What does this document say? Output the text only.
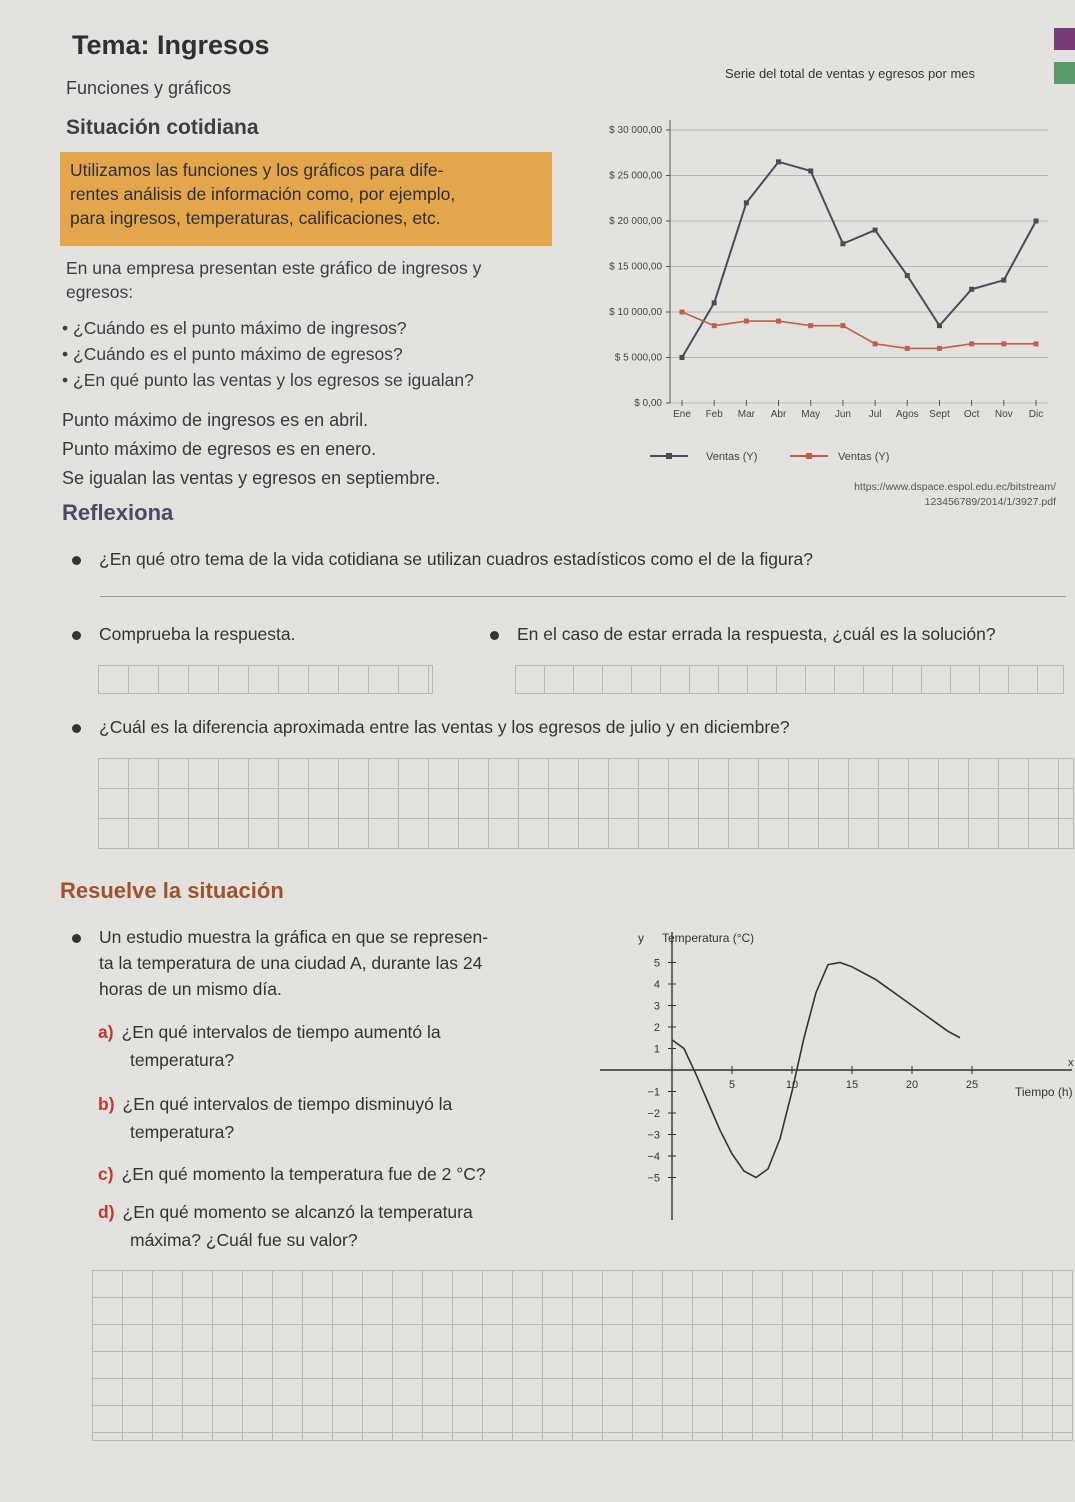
Tema: Ingresos
Funciones y gráficos
Situación cotidiana
Utilizamos las funciones y los gráficos para dife-
rentes análisis de información como, por ejemplo,
para ingresos, temperaturas, calificaciones, etc.
En una empresa presentan este gráfico de ingresos y
egresos:
• ¿Cuándo es el punto máximo de ingresos?
• ¿Cuándo es el punto máximo de egresos?
• ¿En qué punto las ventas y los egresos se igualan?
Punto máximo de ingresos es en abril.
Punto máximo de egresos es en enero.
Se igualan las ventas y egresos en septiembre.
Reflexiona
Serie del total de ventas y egresos por mes
$ 0,00
$ 5 000,00
$ 10 000,00
$ 15 000,00
$ 20 000,00
$ 25 000,00
$ 30 000,00
Ene Feb Mar Abr May Jun Jul Agos Sept Oct Nov Dic
Ventas (Y)	Ventas (Y)
https://www.dspace.espol.edu.ec/bitstream/
123456789/2014/1/3927.pdf
¿En qué otro tema de la vida cotidiana se utilizan cuadros estadísticos como el de la figura?
Comprueba la respuesta.	En el caso de estar errada la respuesta, ¿cuál es la solución?
¿Cuál es la diferencia aproximada entre las ventas y los egresos de julio y en diciembre?
Resuelve la situación
Un estudio muestra la gráfica en que se represen-
ta la temperatura de una ciudad A, durante las 24
horas de un mismo día.
a) ¿En qué intervalos de tiempo aumentó la
temperatura?
b) ¿En qué intervalos de tiempo disminuyó la
temperatura?
c) ¿En qué momento la temperatura fue de 2 °C?
d) ¿En qué momento se alcanzó la temperatura
máxima? ¿Cuál fue su valor?
5	10	15	20	25
−5
−4
−3
−2
−1
1
2
3
4
5
y Temperatura (°C)
x
Tiempo (h)
